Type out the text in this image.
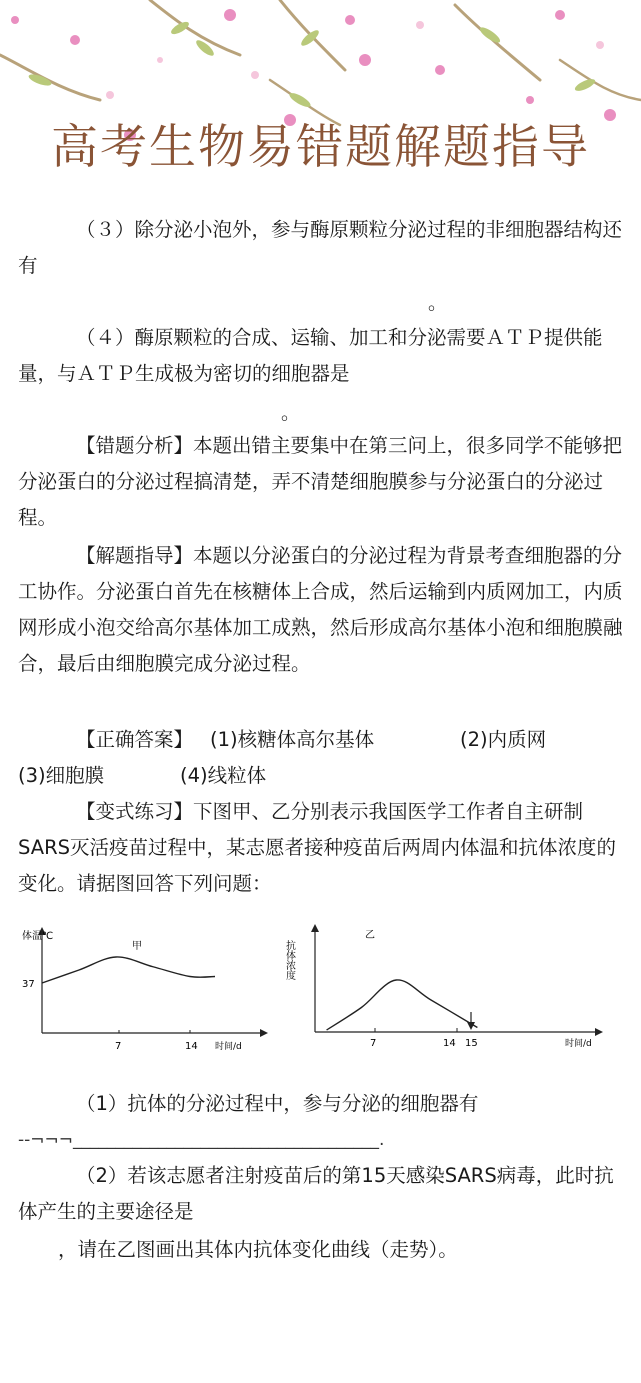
高考生物易错题解题指导

（３）除分泌小泡外，参与酶原颗粒分泌过程的非细胞器结构还有

。

（４）酶原颗粒的合成、运输、加工和分泌需要ＡＴＰ提供能量，与ＡＴＰ生成极为密切的细胞器是

。

【错题分析】本题出错主要集中在第三问上，很多同学不能够把分泌蛋白的分泌过程搞清楚，弄不清楚细胞膜参与分泌蛋白的分泌过程。

【解题指导】本题以分泌蛋白的分泌过程为背景考查细胞器的分工协作。分泌蛋白首先在核糖体上合成，然后运输到内质网加工，内质网形成小泡交给高尔基体加工成熟，然后形成高尔基体小泡和细胞膜融合，最后由细胞膜完成分泌过程。

【正确答案】 (1)核糖体高尔基体	(2)内质网
(3)细胞膜	(4)线粒体

【变式练习】下图甲、乙分别表示我国医学工作者自主研制SARS灭活疫苗过程中，某志愿者接种疫苗后两周内体温和抗体浓度的变化。请据图回答下列问题：

体温℃
甲
37
7	14 时间/d
抗体浓度
乙
7	14 15	时间/d

（1）抗体的分泌过程中，参与分泌的细胞器有

--¬¬¬____________________________________.

（2）若该志愿者注射疫苗后的第15天感染SARS病毒，此时抗体产生的主要途径是

，请在乙图画出其体内抗体变化曲线（走势）。
